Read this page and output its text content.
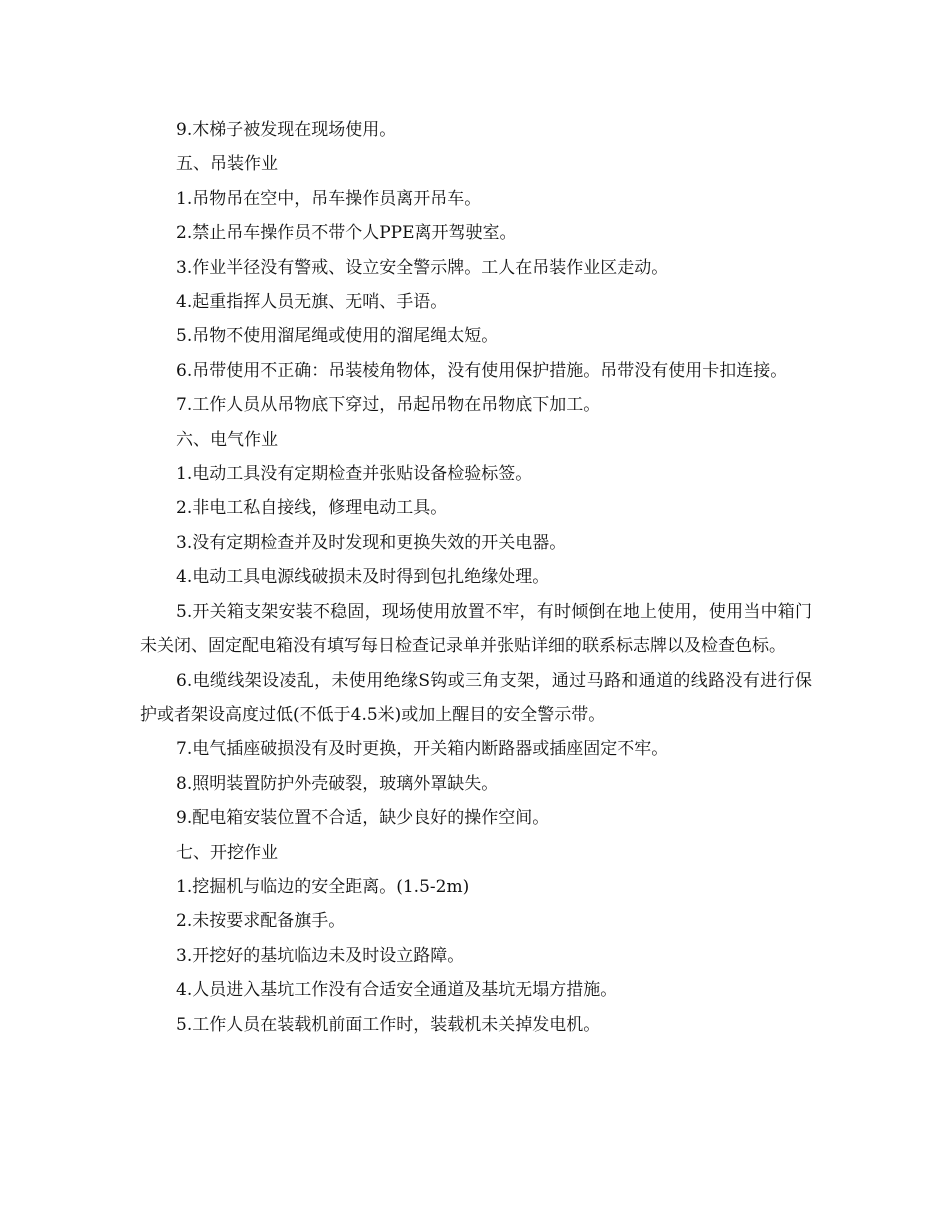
9.木梯子被发现在现场使用。

五、吊装作业

1.吊物吊在空中，吊车操作员离开吊车。

2.禁止吊车操作员不带个人PPE离开驾驶室。

3.作业半径没有警戒、设立安全警示牌。工人在吊装作业区走动。

4.起重指挥人员无旗、无哨、手语。

5.吊物不使用溜尾绳或使用的溜尾绳太短。

6.吊带使用不正确：吊装棱角物体，没有使用保护措施。吊带没有使用卡扣连接。

7.工作人员从吊物底下穿过，吊起吊物在吊物底下加工。

六、电气作业

1.电动工具没有定期检查并张贴设备检验标签。

2.非电工私自接线，修理电动工具。

3.没有定期检查并及时发现和更换失效的开关电器。

4.电动工具电源线破损未及时得到包扎绝缘处理。

5.开关箱支架安装不稳固，现场使用放置不牢，有时倾倒在地上使用，使用当中箱门未关闭、固定配电箱没有填写每日检查记录单并张贴详细的联系标志牌以及检查色标。

6.电缆线架设凌乱，未使用绝缘S钩或三角支架，通过马路和通道的线路没有进行保护或者架设高度过低(不低于4.5米)或加上醒目的安全警示带。

7.电气插座破损没有及时更换，开关箱内断路器或插座固定不牢。

8.照明装置防护外壳破裂，玻璃外罩缺失。

9.配电箱安装位置不合适，缺少良好的操作空间。

七、开挖作业

1.挖掘机与临边的安全距离。(1.5-2m)

2.未按要求配备旗手。

3.开挖好的基坑临边未及时设立路障。

4.人员进入基坑工作没有合适安全通道及基坑无塌方措施。

5.工作人员在装载机前面工作时，装载机未关掉发电机。
